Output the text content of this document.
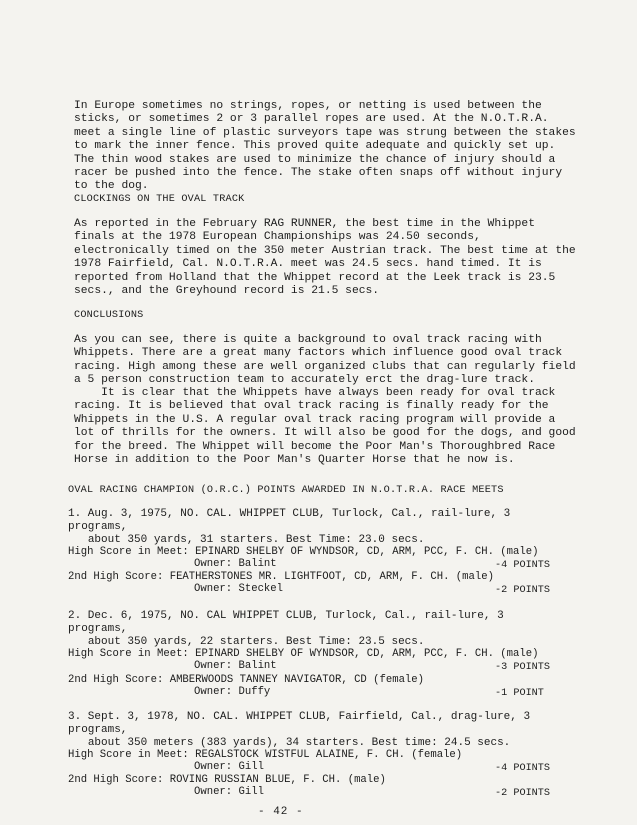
In Europe sometimes no strings, ropes, or netting is used between the sticks, or sometimes 2 or 3 parallel ropes are used. At the N.O.T.R.A. meet a single line of plastic surveyors tape was strung between the stakes to mark the inner fence. This proved quite adequate and quickly set up. The thin wood stakes are used to minimize the chance of injury should a racer be pushed into the fence. The stake often snaps off without injury to the dog.
CLOCKINGS ON THE OVAL TRACK
As reported in the February RAG RUNNER, the best time in the Whippet finals at the 1978 European Championships was 24.50 seconds, electronically timed on the 350 meter Austrian track. The best time at the 1978 Fairfield, Cal. N.O.T.R.A. meet was 24.5 secs. hand timed. It is reported from Holland that the Whippet record at the Leek track is 23.5 secs., and the Greyhound record is 21.5 secs.
CONCLUSIONS
As you can see, there is quite a background to oval track racing with Whippets. There are a great many factors which influence good oval track racing. High among these are well organized clubs that can regularly field a 5 person construction team to accurately erct the drag-lure track.
It is clear that the Whippets have always been ready for oval track racing. It is believed that oval track racing is finally ready for the Whippets in the U.S. A regular oval track racing program will provide a lot of thrills for the owners. It will also be good for the dogs, and good for the breed. The Whippet will become the Poor Man's Thoroughbred Race Horse in addition to the Poor Man's Quarter Horse that he now is.
OVAL RACING CHAMPION (O.R.C.) POINTS AWARDED IN N.O.T.R.A. RACE MEETS
1. Aug. 3, 1975, NO. CAL. WHIPPET CLUB, Turlock, Cal., rail-lure, 3 programs,
about 350 yards, 31 starters. Best Time: 23.0 secs.
High Score in Meet: EPINARD SHELBY OF WYNDSOR, CD, ARM, PCC, F. CH. (male)
Owner: Balint	-4 POINTS
2nd High Score: FEATHERSTONES MR. LIGHTFOOT, CD, ARM, F. CH. (male)
Owner: Steckel	-2 POINTS
2. Dec. 6, 1975, NO. CAL WHIPPET CLUB, Turlock, Cal., rail-lure, 3 programs,
about 350 yards, 22 starters. Best Time: 23.5 secs.
High Score in Meet: EPINARD SHELBY OF WYNDSOR, CD, ARM, PCC, F. CH. (male)
Owner: Balint	-3 POINTS
2nd High Score: AMBERWOODS TANNEY NAVIGATOR, CD (female)
Owner: Duffy	-1 POINT
3. Sept. 3, 1978, NO. CAL. WHIPPET CLUB, Fairfield, Cal., drag-lure, 3 programs,
about 350 meters (383 yards), 34 starters. Best time: 24.5 secs.
High Score in Meet: REGALSTOCK WISTFUL ALAINE, F. CH. (female)
Owner: Gill	-4 POINTS
2nd High Score: ROVING RUSSIAN BLUE, F. CH. (male)
Owner: Gill	-2 POINTS
- 42 -
